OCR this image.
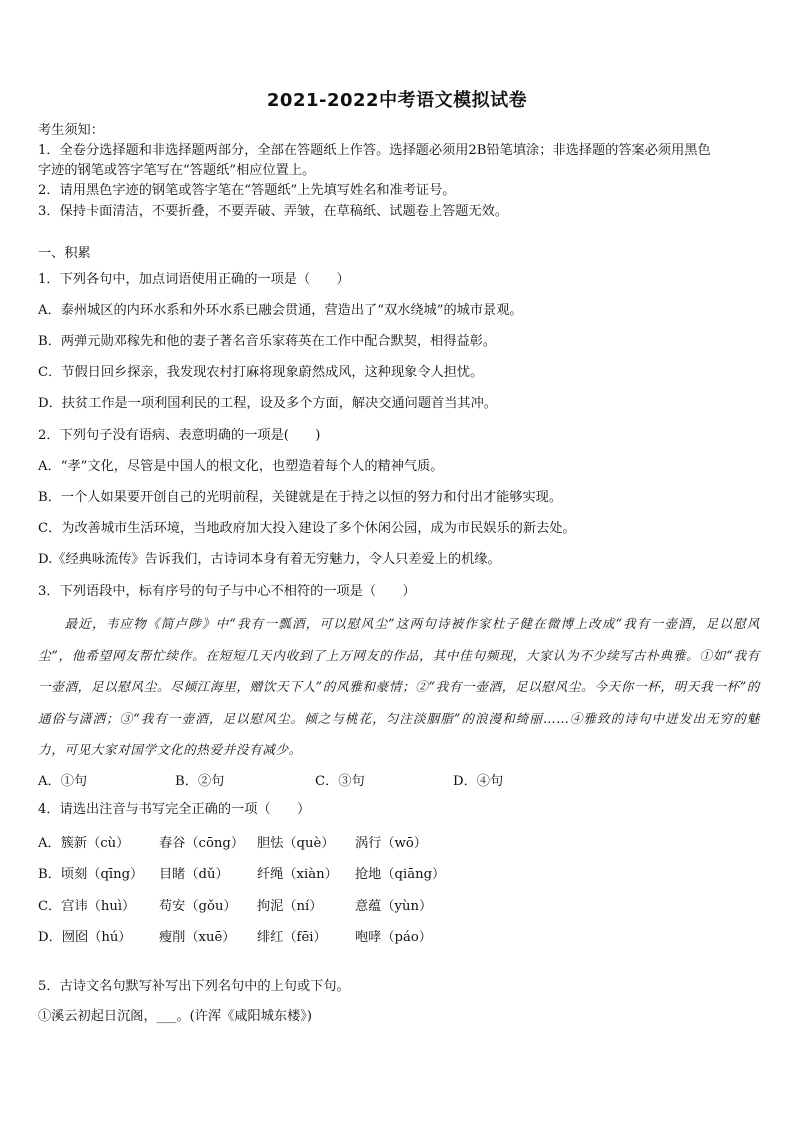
2021-2022中考语文模拟试卷
考生须知：
1．全卷分选择题和非选择题两部分，全部在答题纸上作答。选择题必须用2B铅笔填涂；非选择题的答案必须用黑色
字迹的钢笔或答字笔写在“答题纸”相应位置上。
2．请用黑色字迹的钢笔或答字笔在“答题纸”上先填写姓名和准考证号。
3．保持卡面清洁，不要折叠，不要弄破、弄皱，在草稿纸、试题卷上答题无效。
一、积累
1．下列各句中，加点词语使用正确的一项是（　　）
A．泰州城区的内环水系和外环水系已融会贯通，营造出了“双水绕城”的城市景观。
B．两弹元勋邓稼先和他的妻子著名音乐家蒋英在工作中配合默契，相得益彰。
C．节假日回乡探亲，我发现农村打麻将现象蔚然成风，这种现象令人担忧。
D．扶贫工作是一项利国利民的工程，设及多个方面，解决交通问题首当其冲。
2．下列句子没有语病、表意明确的一项是(　　)
A．“孝”文化，尽管是中国人的根文化，也塑造着每个人的精神气质。
B．一个人如果要开创自己的光明前程，关键就是在于持之以恒的努力和付出才能够实现。
C．为改善城市生活环境，当地政府加大投入建设了多个休闲公园，成为市民娱乐的新去处。
D.《经典咏流传》告诉我们，古诗词本身有着无穷魅力，令人只差爱上的机缘。
3．下列语段中，标有序号的句子与中心不相符的一项是（　　）
最近，韦应物《简卢陟》中“我有一瓢酒，可以慰风尘”这两句诗被作家杜子健在微博上改成“我有一壶酒，足以慰风尘”，他希望网友帮忙续作。在短短几天内收到了上万网友的作品，其中佳句频现，大家认为不少续写古朴典雅。①如“我有一壶酒，足以慰风尘。尽倾江海里，赠饮天下人”的风雅和豪情；②“我有一壶酒，足以慰风尘。今天你一杯，明天我一杯”的通俗与潇洒；③“我有一壶酒，足以慰风尘。倾之与桃花，匀注淡胭脂”的浪漫和绮丽……④雅致的诗句中迸发出无穷的魅力，可见大家对国学文化的热爱并没有减少。
A．①句	B．②句	C．③句	D．④句
4．请选出注音与书写完全正确的一项（　　）
A．簇新（cù） 春谷（cōng） 胆怯（què） 涡行（wō）
B．顷刻（qīng） 目睹（dǔ） 纤绳（xiàn） 抢地（qiāng）
C．宫讳（huì） 苟安（gǒu） 拘泥（ní） 意蕴（yùn）
D．囫囵（hú） 瘦削（xuē） 绯红（fēi） 咆哮（páo）
5．古诗文名句默写补写出下列名句中的上句或下句。
①溪云初起日沉阁，___。(许浑《咸阳城东楼》)
